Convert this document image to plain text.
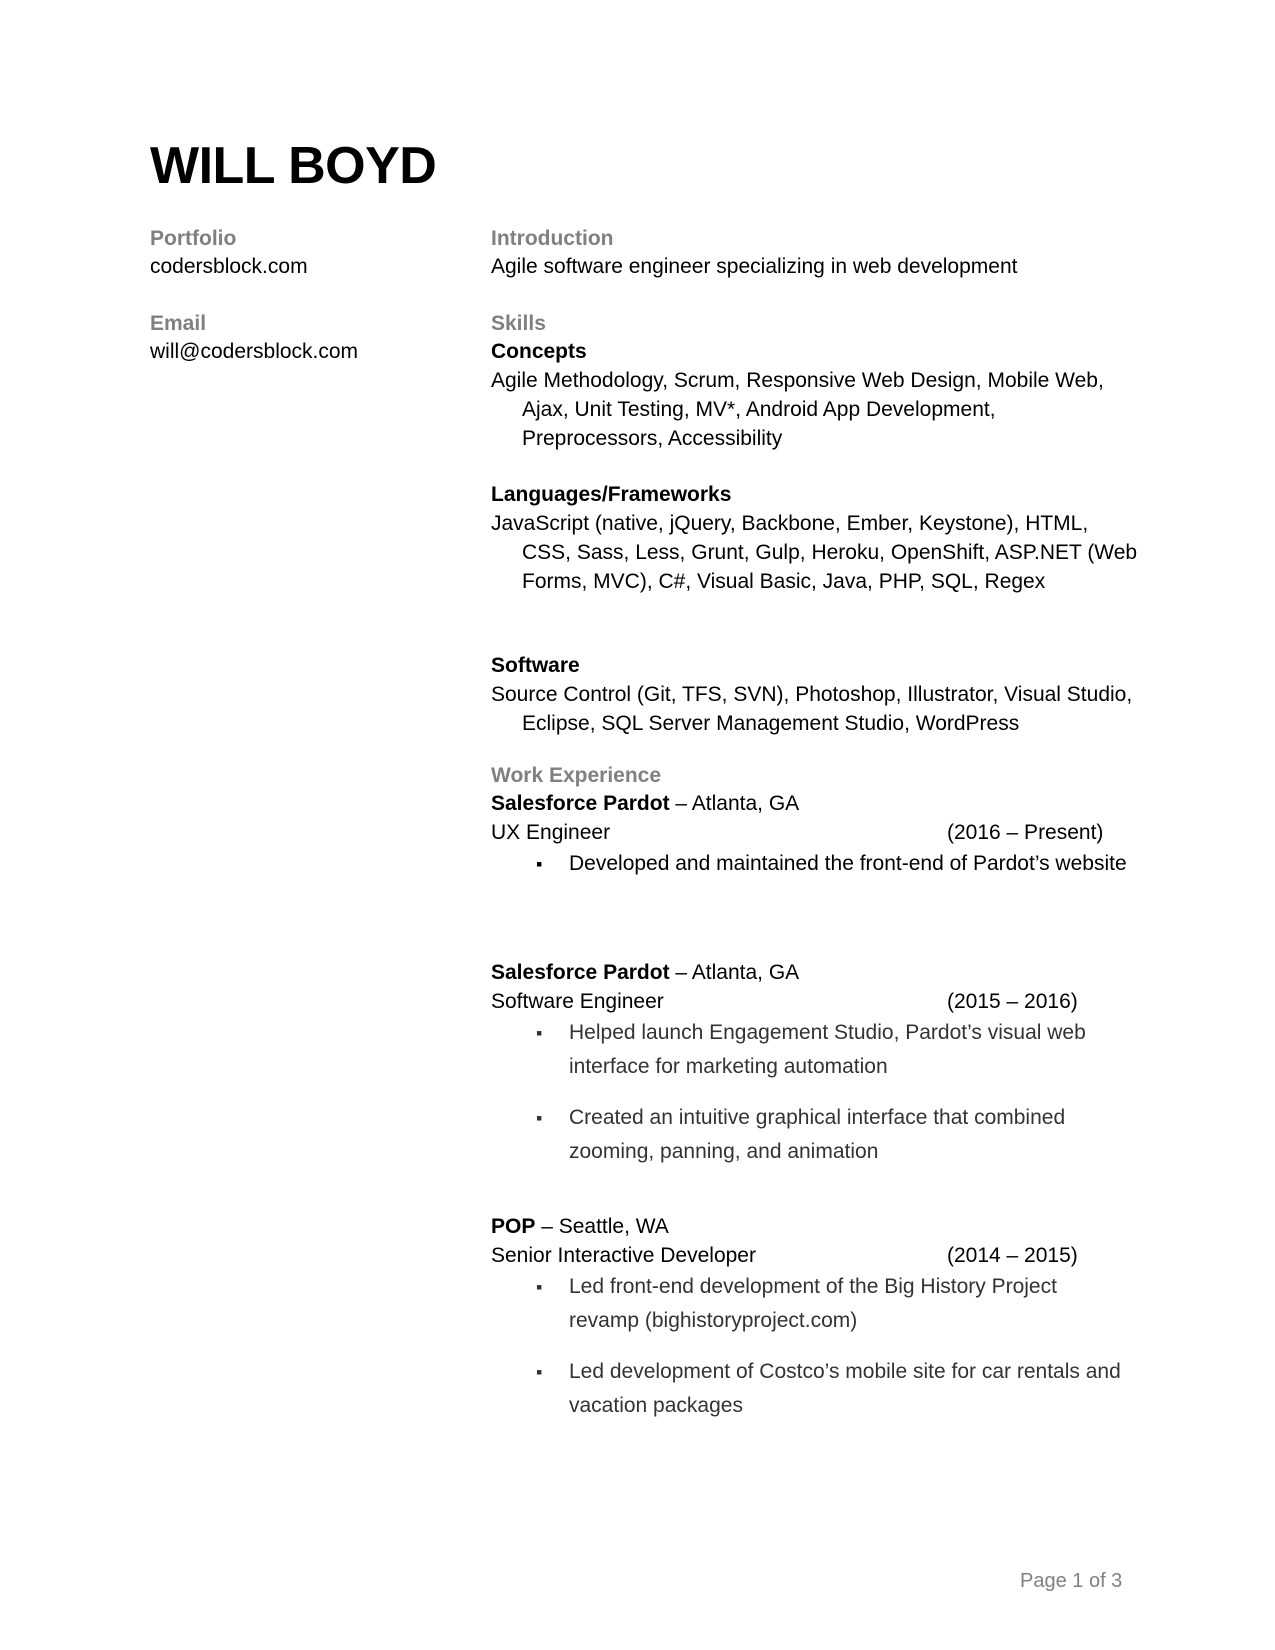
WILL BOYD
Portfolio
codersblock.com
Email
will@codersblock.com
Introduction
Agile software engineer specializing in web development
Skills
Concepts
Agile Methodology, Scrum, Responsive Web Design, Mobile Web, Ajax, Unit Testing, MV*, Android App Development, Preprocessors, Accessibility
Languages/Frameworks
JavaScript (native, jQuery, Backbone, Ember, Keystone), HTML, CSS, Sass, Less, Grunt, Gulp, Heroku, OpenShift, ASP.NET (Web Forms, MVC), C#, Visual Basic, Java, PHP, SQL, Regex
Software
Source Control (Git, TFS, SVN), Photoshop, Illustrator, Visual Studio, Eclipse, SQL Server Management Studio, WordPress
Work Experience
Salesforce Pardot – Atlanta, GA
UX Engineer	(2016 – Present)
▪ Developed and maintained the front-end of Pardot’s website
Salesforce Pardot – Atlanta, GA
Software Engineer	(2015 – 2016)
▪ Helped launch Engagement Studio, Pardot’s visual web interface for marketing automation
▪ Created an intuitive graphical interface that combined zooming, panning, and animation
POP – Seattle, WA
Senior Interactive Developer	(2014 – 2015)
▪ Led front-end development of the Big History Project revamp (bighistoryproject.com)
▪ Led development of Costco’s mobile site for car rentals and vacation packages
Page 1 of 3
